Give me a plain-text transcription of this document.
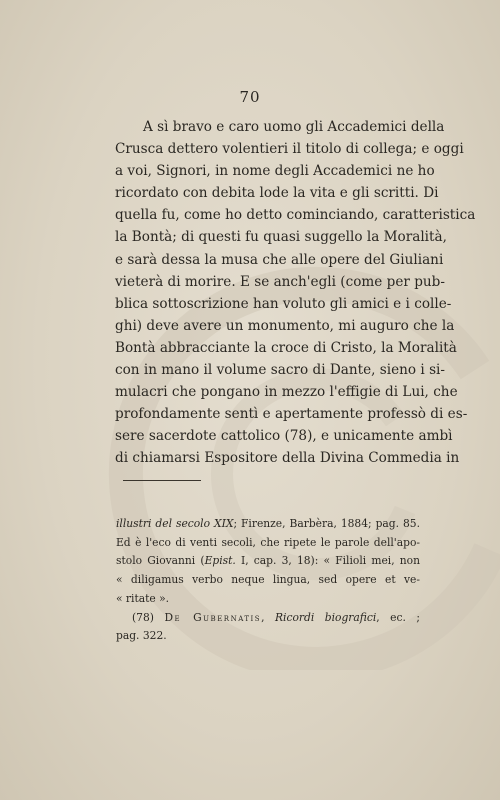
70
A sì bravo e caro uomo gli Accademici della
Crusca dettero volentieri il titolo di collega; e oggi
a voi, Signori, in nome degli Accademici ne ho
ricordato con debita lode la vita e gli scritti. Di
quella fu, come ho detto cominciando, caratteristica
la Bontà; di questi fu quasi suggello la Moralità,
e sarà dessa la musa che alle opere del Giuliani
vieterà di morire. E se anch'egli (come per pub-
blica sottoscrizione han voluto gli amici e i colle-
ghi) deve avere un monumento, mi auguro che la
Bontà abbracciante la croce di Cristo, la Moralità
con in mano il volume sacro di Dante, sieno i si-
mulacri che pongano in mezzo l'effigie di Lui, che
profondamente sentì e apertamente professò di es-
sere sacerdote cattolico (78), e unicamente ambì
di chiamarsi Espositore della Divina Commedia in
illustri del secolo XIX; Firenze, Barbèra, 1884; pag. 85.
Ed è l'eco di venti secoli, che ripete le parole dell'apo-
stolo Giovanni (Epist. I, cap. 3, 18): « Filioli mei, non
« diligamus verbo neque lingua, sed opere et ve-
« ritate ».
(78) De Gubernatis, Ricordi biografici, ec. ;
pag. 322.
